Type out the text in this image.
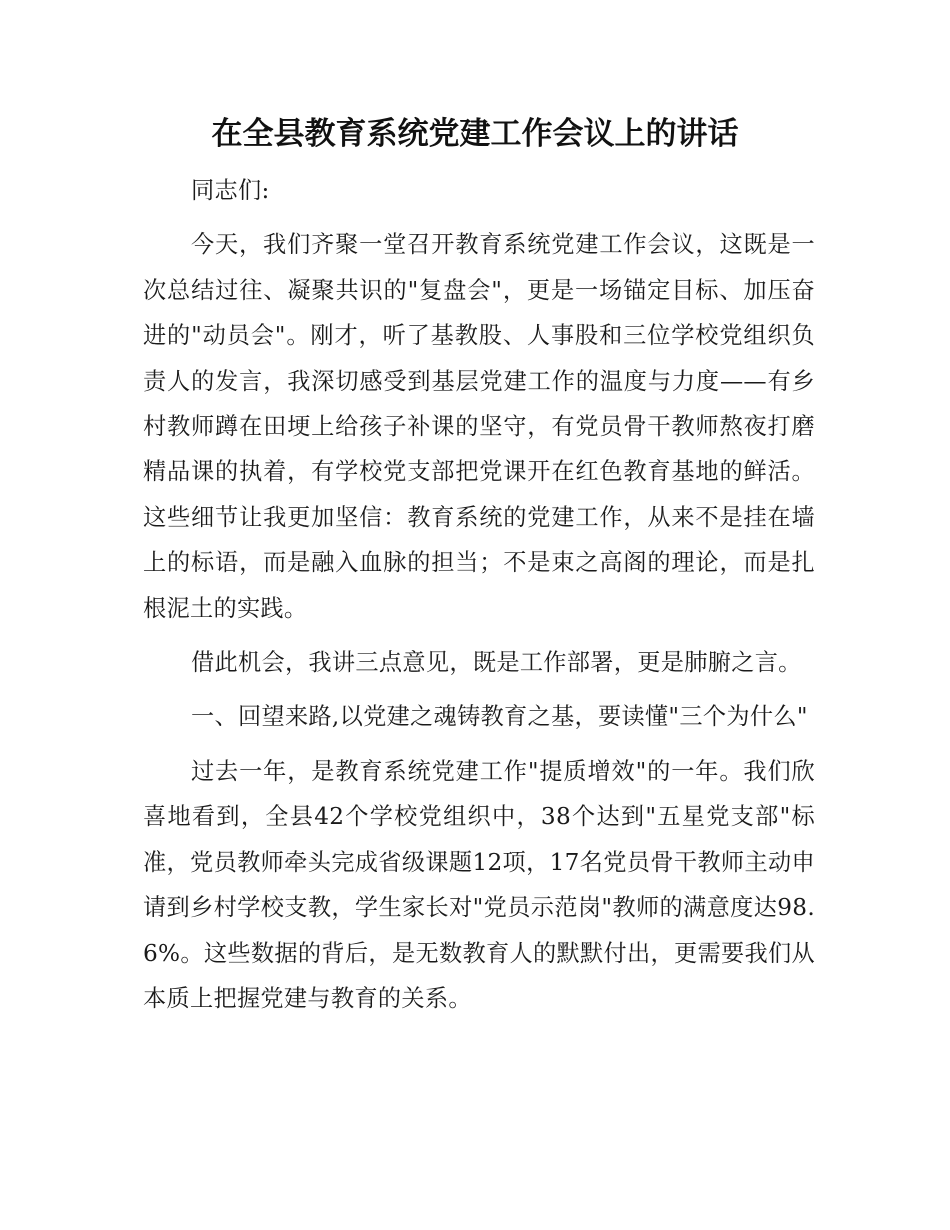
在全县教育系统党建工作会议上的讲话

同志们:

今天，我们齐聚一堂召开教育系统党建工作会议，这既是一次总结过往、凝聚共识的"复盘会"，更是一场锚定目标、加压奋进的"动员会"。刚才，听了基教股、人事股和三位学校党组织负责人的发言，我深切感受到基层党建工作的温度与力度——有乡村教师蹲在田埂上给孩子补课的坚守，有党员骨干教师熬夜打磨精品课的执着，有学校党支部把党课开在红色教育基地的鲜活。这些细节让我更加坚信：教育系统的党建工作，从来不是挂在墙上的标语，而是融入血脉的担当；不是束之高阁的理论，而是扎根泥土的实践。

借此机会，我讲三点意见，既是工作部署，更是肺腑之言。

一、回望来路,以党建之魂铸教育之基，要读懂"三个为什么"

过去一年，是教育系统党建工作"提质增效"的一年。我们欣喜地看到，全县42个学校党组织中，38个达到"五星党支部"标准，党员教师牵头完成省级课题12项，17名党员骨干教师主动申请到乡村学校支教，学生家长对"党员示范岗"教师的满意度达98.6%。这些数据的背后，是无数教育人的默默付出，更需要我们从本质上把握党建与教育的关系。
